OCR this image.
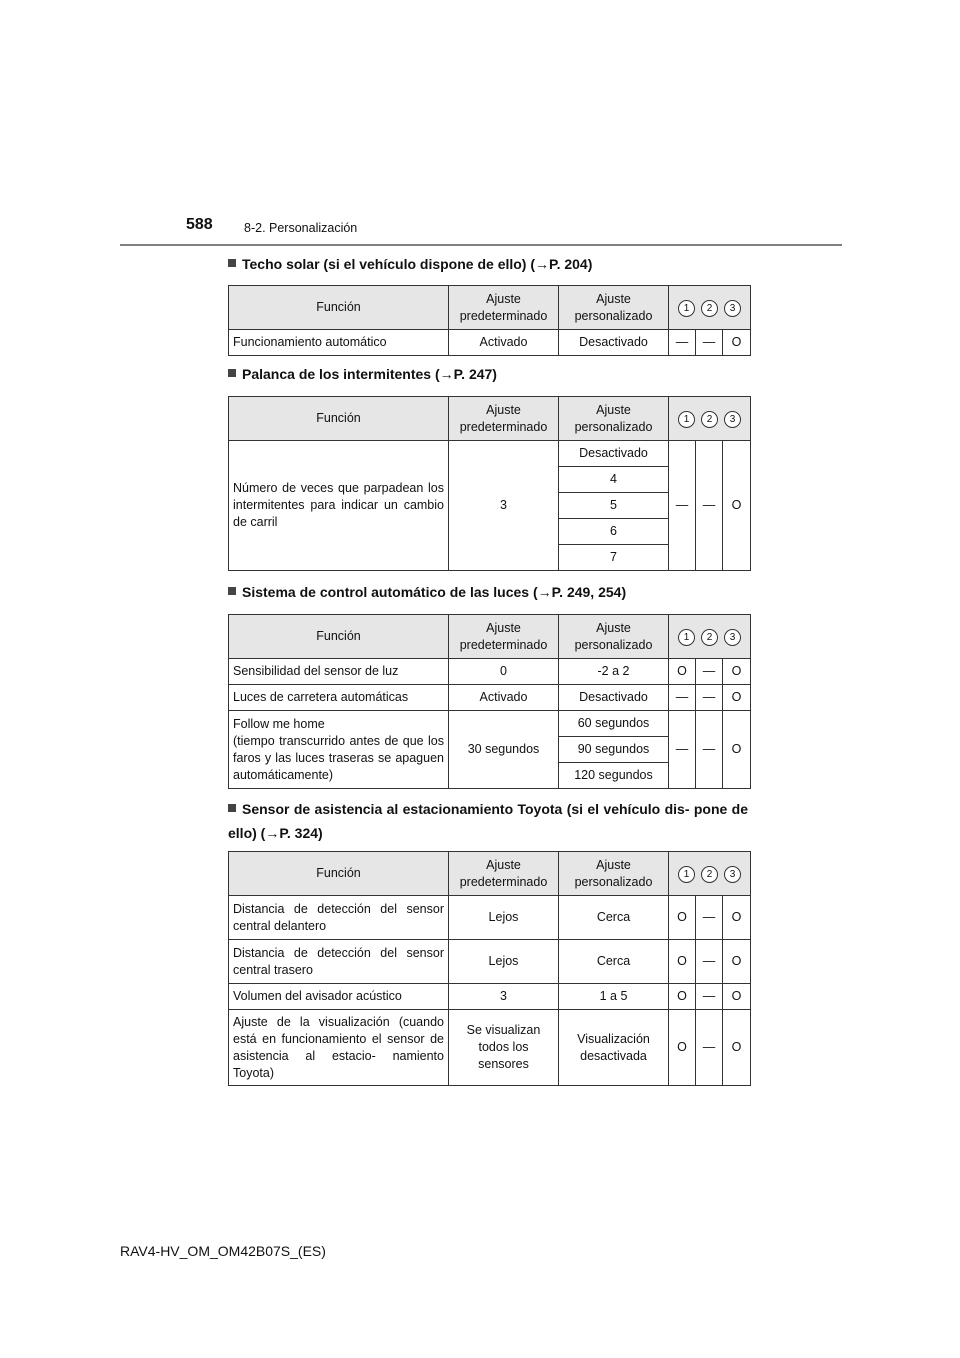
588	8-2. Personalización
Techo solar (si el vehículo dispone de ello) (→P. 204)
Función	Ajuste predeterminado	Ajuste personalizado	1 2 3		
Funcionamiento automático	Activado	Desactivado	—	—	O
Palanca de los intermitentes (→P. 247)
Función	Ajuste predeterminado	Ajuste personalizado	1 2 3		
Número de veces que parpadean los intermitentes para indicar un cambio de carril	3	Desactivado	—	—	O
		4			
		5			
		6			
		7			
Sistema de control automático de las luces (→P. 249, 254)
Función	Ajuste predeterminado	Ajuste personalizado	1 2 3		
Sensibilidad del sensor de luz	0	-2 a 2	O	—	O
Luces de carretera automáticas	Activado	Desactivado	—	—	O
Follow me home
(tiempo transcurrido antes de que los faros y las luces traseras se apaguen automáticamente)	30 segundos	60 segundos	—	—	O
		90 segundos			
		120 segundos			
Sensor de asistencia al estacionamiento Toyota (si el vehículo dis- pone de ello) (→P. 324)
Función	Ajuste predeterminado	Ajuste personalizado	1 2 3		
Distancia de detección del sensor central delantero	Lejos	Cerca	O	—	O
Distancia de detección del sensor central trasero	Lejos	Cerca	O	—	O
Volumen del avisador acústico	3	1 a 5	O	—	O
Ajuste de la visualización (cuando está en funcionamiento el sensor de asistencia al estacio- namiento Toyota)	Se visualizan todos los sensores	Visualización desactivada	O	—	O
RAV4-HV_OM_OM42B07S_(ES)
